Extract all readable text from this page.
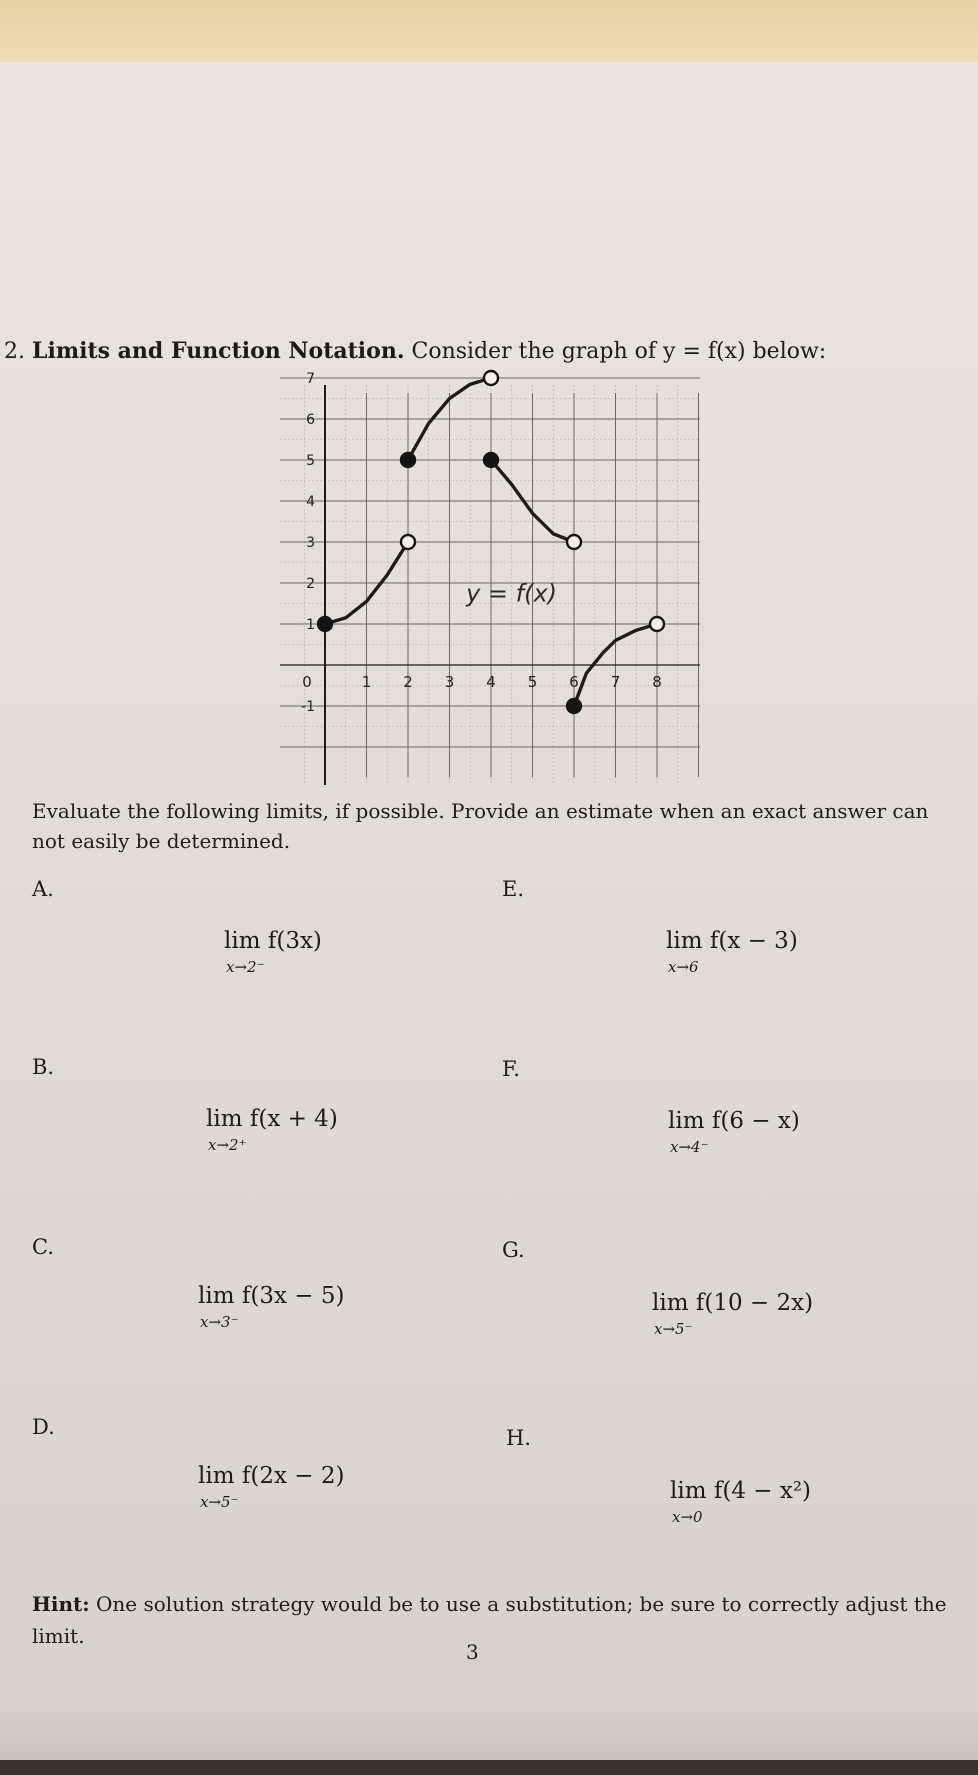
2. Limits and Function Notation. Consider the graph of y = f(x) below:
0	1 2 3 4 5 6 7 8
-1
1
2
3
4
5
6
7
y = f(x)
Evaluate the following limits, if possible. Provide an estimate when an exact answer can not easily be determined.
A.
B.
C.
D.
E.
F.
G.
H.
lim f(3x)
x→2⁻
lim f(x + 4)
x→2⁺
lim f(3x − 5)
x→3⁻
lim f(2x − 2)
x→5⁻
lim f(x − 3)
x→6
lim f(6 − x)
x→4⁻
lim f(10 − 2x)
x→5⁻
lim f(4 − x²)
x→0
Hint: One solution strategy would be to use a substitution; be sure to correctly adjust the limit.
3
